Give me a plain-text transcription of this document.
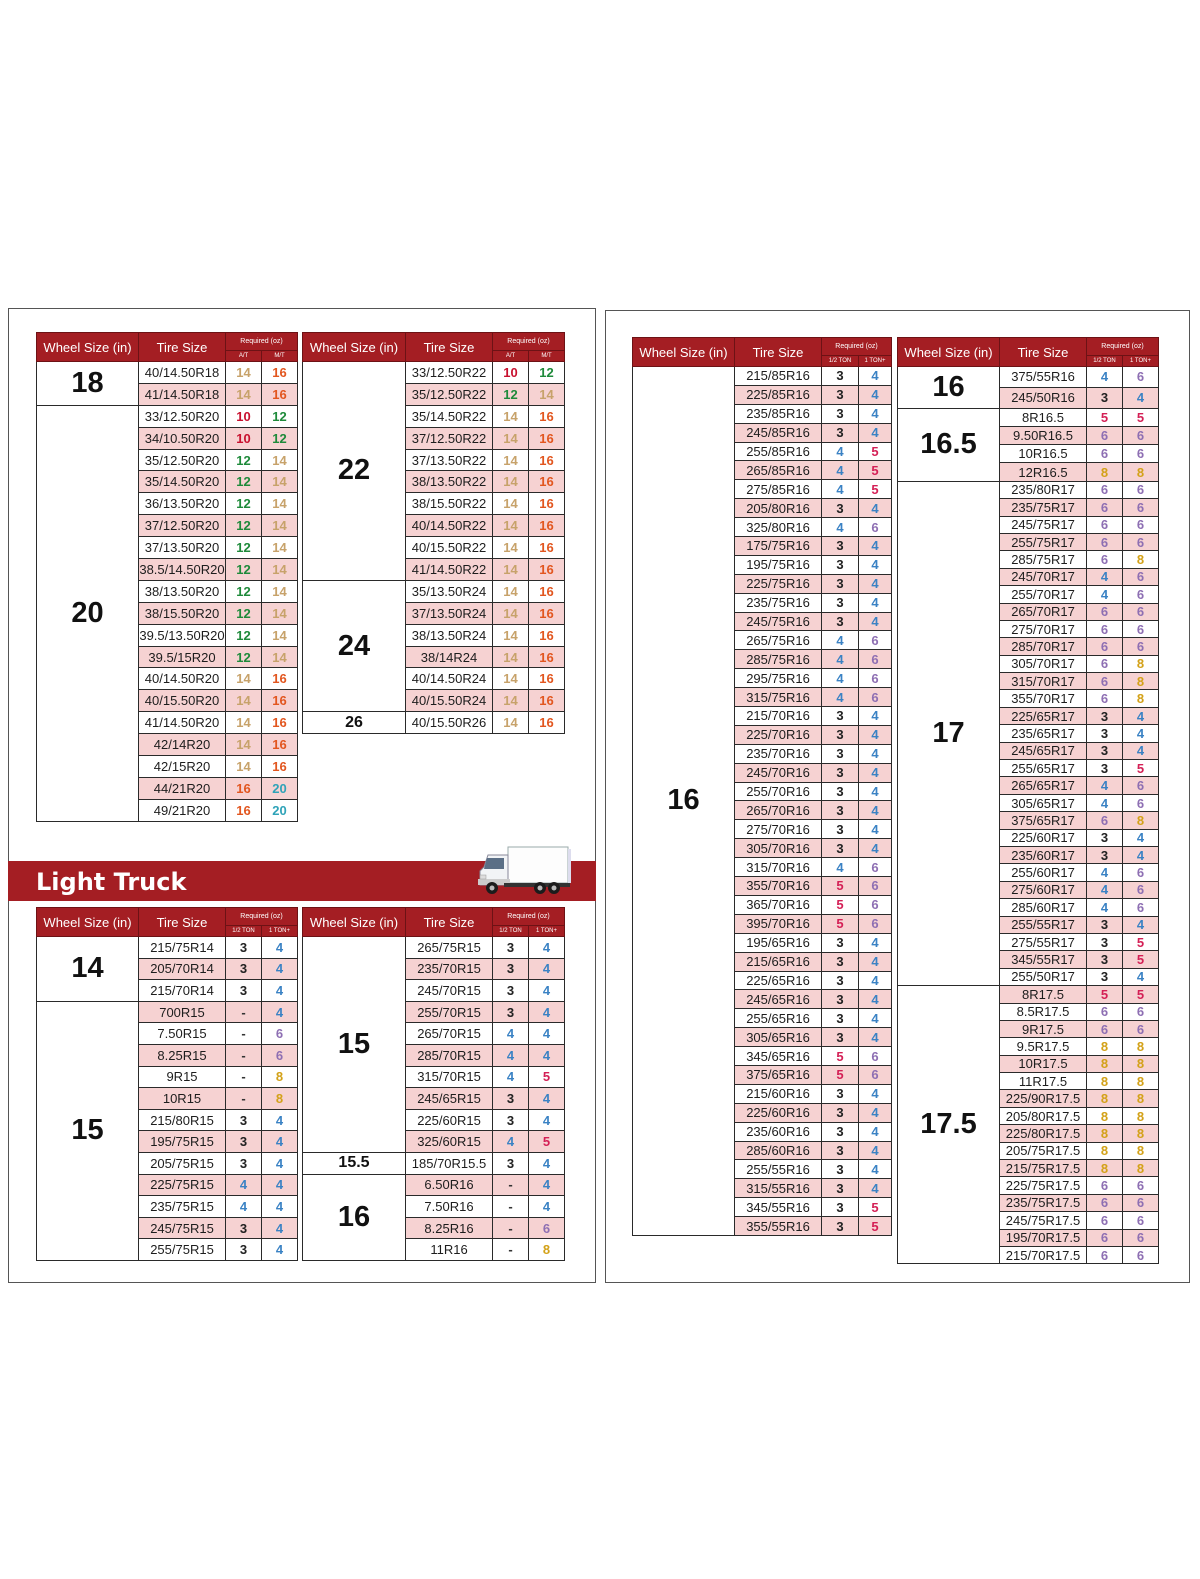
Light Truck
Wheel Size (in)	Tire Size	Required (oz)	
		A/T	M/T
18	40/14.50R18	14	16
	41/14.50R18	14	16
20	33/12.50R20	10	12
	34/10.50R20	10	12
	35/12.50R20	12	14
	35/14.50R20	12	14
	36/13.50R20	12	14
	37/12.50R20	12	14
	37/13.50R20	12	14
	38.5/14.50R20	12	14
	38/13.50R20	12	14
	38/15.50R20	12	14
	39.5/13.50R20	12	14
	39.5/15R20	12	14
	40/14.50R20	14	16
	40/15.50R20	14	16
	41/14.50R20	14	16
	42/14R20	14	16
	42/15R20	14	16
	44/21R20	16	20
	49/21R20	16	20
Wheel Size (in)	Tire Size	Required (oz)	
		A/T	M/T
22	33/12.50R22	10	12
	35/12.50R22	12	14
	35/14.50R22	14	16
	37/12.50R22	14	16
	37/13.50R22	14	16
	38/13.50R22	14	16
	38/15.50R22	14	16
	40/14.50R22	14	16
	40/15.50R22	14	16
	41/14.50R22	14	16
24	35/13.50R24	14	16
	37/13.50R24	14	16
	38/13.50R24	14	16
	38/14R24	14	16
	40/14.50R24	14	16
	40/15.50R24	14	16
26	40/15.50R26	14	16
Wheel Size (in)	Tire Size	Required (oz)	
		1/2 TON	1 TON+
14	215/75R14	3	4
	205/70R14	3	4
	215/70R14	3	4
15	700R15	-	4
	7.50R15	-	6
	8.25R15	-	6
	9R15	-	8
	10R15	-	8
	215/80R15	3	4
	195/75R15	3	4
	205/75R15	3	4
	225/75R15	4	4
	235/75R15	4	4
	245/75R15	3	4
	255/75R15	3	4
Wheel Size (in)	Tire Size	Required (oz)	
		1/2 TON	1 TON+
15	265/75R15	3	4
	235/70R15	3	4
	245/70R15	3	4
	255/70R15	3	4
	265/70R15	4	4
	285/70R15	4	4
	315/70R15	4	5
	245/65R15	3	4
	225/60R15	3	4
	325/60R15	4	5
15.5	185/70R15.5	3	4
16	6.50R16	-	4
	7.50R16	-	4
	8.25R16	-	6
	11R16	-	8
Wheel Size (in)	Tire Size	Required (oz)	
		1/2 TON	1 TON+
16	215/85R16	3	4
	225/85R16	3	4
	235/85R16	3	4
	245/85R16	3	4
	255/85R16	4	5
	265/85R16	4	5
	275/85R16	4	5
	205/80R16	3	4
	325/80R16	4	6
	175/75R16	3	4
	195/75R16	3	4
	225/75R16	3	4
	235/75R16	3	4
	245/75R16	3	4
	265/75R16	4	6
	285/75R16	4	6
	295/75R16	4	6
	315/75R16	4	6
	215/70R16	3	4
	225/70R16	3	4
	235/70R16	3	4
	245/70R16	3	4
	255/70R16	3	4
	265/70R16	3	4
	275/70R16	3	4
	305/70R16	3	4
	315/70R16	4	6
	355/70R16	5	6
	365/70R16	5	6
	395/70R16	5	6
	195/65R16	3	4
	215/65R16	3	4
	225/65R16	3	4
	245/65R16	3	4
	255/65R16	3	4
	305/65R16	3	4
	345/65R16	5	6
	375/65R16	5	6
	215/60R16	3	4
	225/60R16	3	4
	235/60R16	3	4
	285/60R16	3	4
	255/55R16	3	4
	315/55R16	3	4
	345/55R16	3	5
	355/55R16	3	5
Wheel Size (in)	Tire Size	Required (oz)	
		1/2 TON	1 TON+
16	375/55R16	4	6
	245/50R16	3	4
16.5	8R16.5	5	5
	9.50R16.5	6	6
	10R16.5	6	6
	12R16.5	8	8
17	235/80R17	6	6
	235/75R17	6	6
	245/75R17	6	6
	255/75R17	6	6
	285/75R17	6	8
	245/70R17	4	6
	255/70R17	4	6
	265/70R17	6	6
	275/70R17	6	6
	285/70R17	6	6
	305/70R17	6	8
	315/70R17	6	8
	355/70R17	6	8
	225/65R17	3	4
	235/65R17	3	4
	245/65R17	3	4
	255/65R17	3	5
	265/65R17	4	6
	305/65R17	4	6
	375/65R17	6	8
	225/60R17	3	4
	235/60R17	3	4
	255/60R17	4	6
	275/60R17	4	6
	285/60R17	4	6
	255/55R17	3	4
	275/55R17	3	5
	345/55R17	3	5
	255/50R17	3	4
17.5	8R17.5	5	5
	8.5R17.5	6	6
	9R17.5	6	6
	9.5R17.5	8	8
	10R17.5	8	8
	11R17.5	8	8
	225/90R17.5	8	8
	205/80R17.5	8	8
	225/80R17.5	8	8
	205/75R17.5	8	8
	215/75R17.5	8	8
	225/75R17.5	6	6
	235/75R17.5	6	6
	245/75R17.5	6	6
	195/70R17.5	6	6
	215/70R17.5	6	6
